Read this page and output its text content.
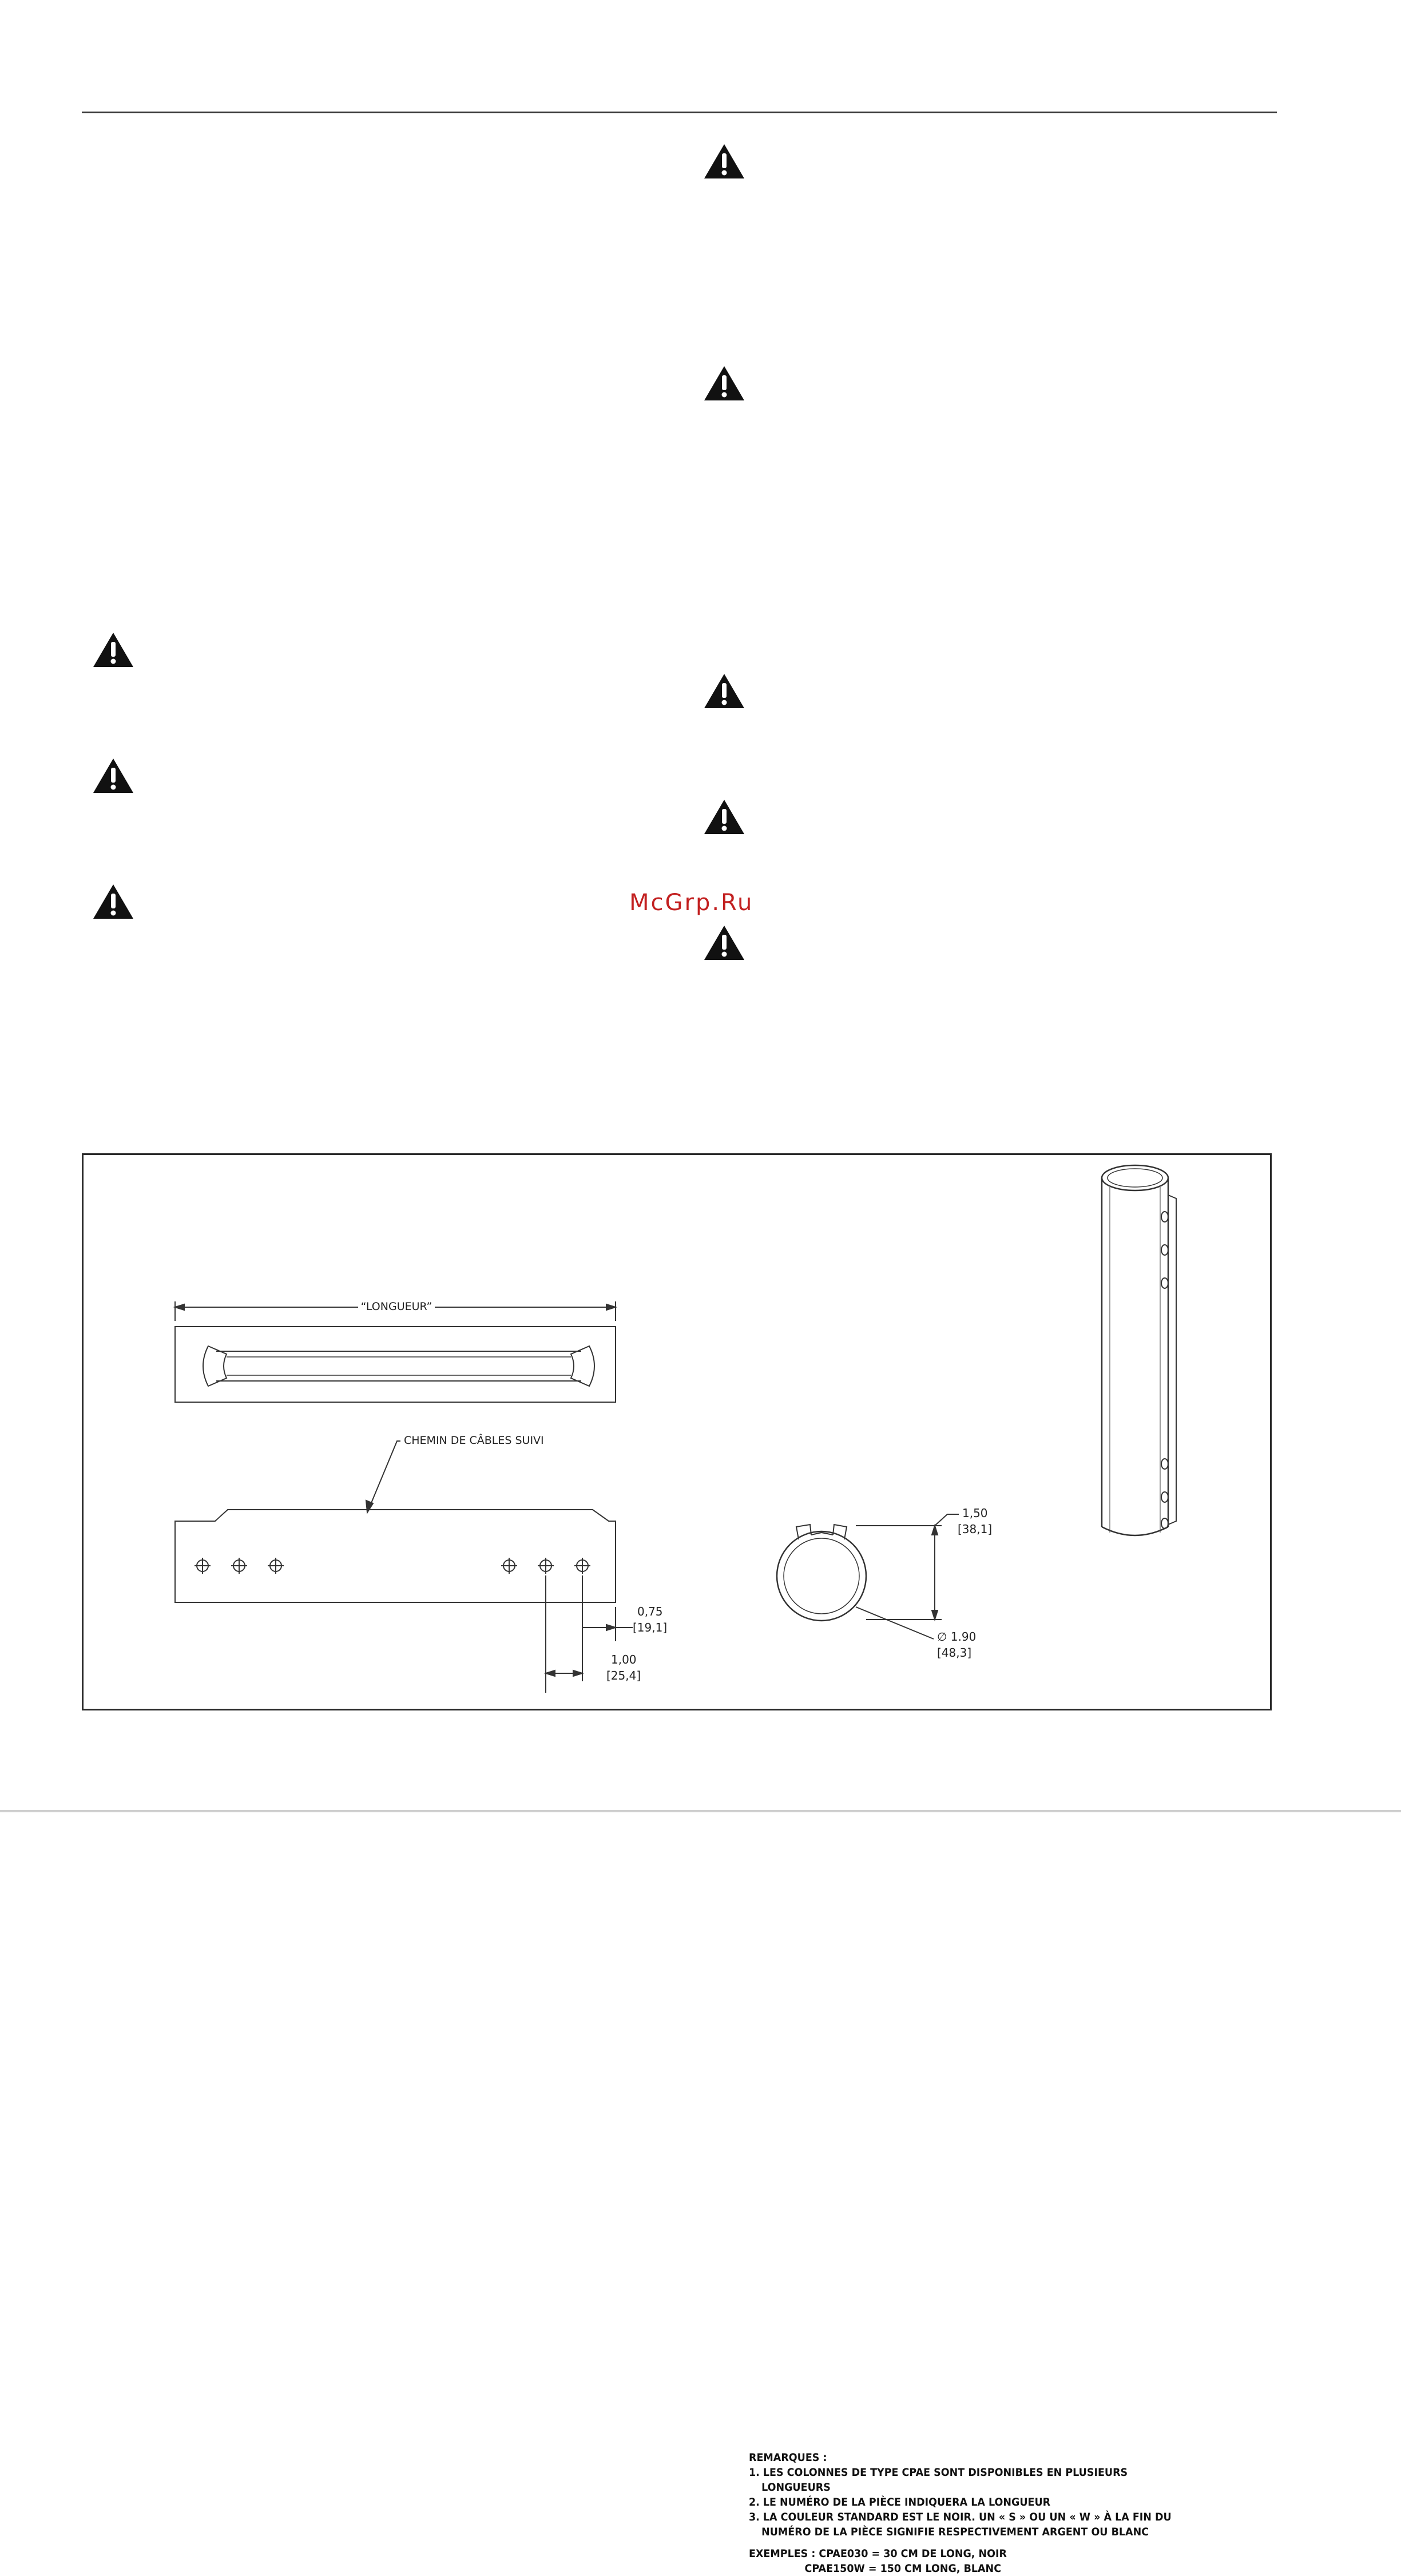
McGrp.Ru
“LONGUEUR”
CHEMIN DE CÂBLES SUIVI
REMARQUES :
1. LES COLONNES DE TYPE CPAE SONT DISPONIBLES EN PLUSIEURS
LONGUEURS
2. LE NUMÉRO DE LA PIÈCE INDIQUERA LA LONGUEUR
3. LA COULEUR STANDARD EST LE NOIR. UN « S » OU UN « W » À LA FIN DU
NUMÉRO DE LA PIÈCE SIGNIFIE RESPECTIVEMENT ARGENT OU BLANC
EXEMPLES : CPAE030 = 30 CM DE LONG, NOIR
CPAE150W = 150 CM LONG, BLANC
0,75
[19,1]
1,00
[25,4]
1,50
[38,1]
∅ 1.90
[48,3]
